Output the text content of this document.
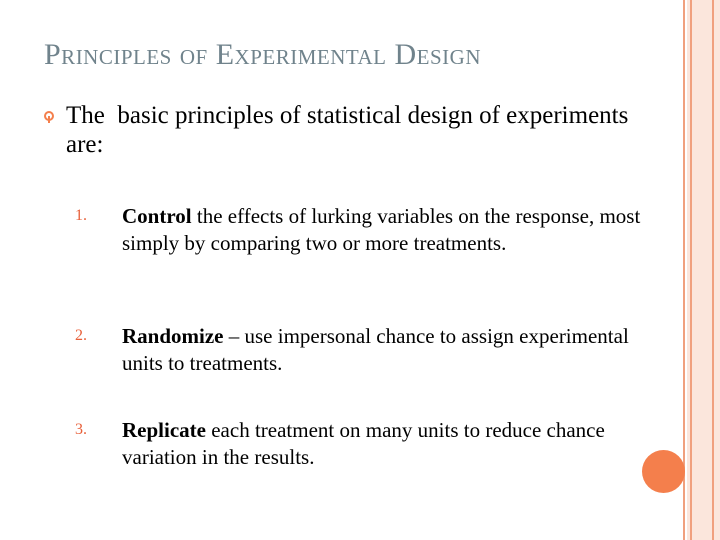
Principles of Experimental Design
The  basic principles of statistical design of experiments are:
1. Control the effects of lurking variables on the response, most simply by comparing two or more treatments.
2. Randomize – use impersonal chance to assign experimental units to treatments.
3. Replicate each treatment on many units to reduce chance variation in the results.
